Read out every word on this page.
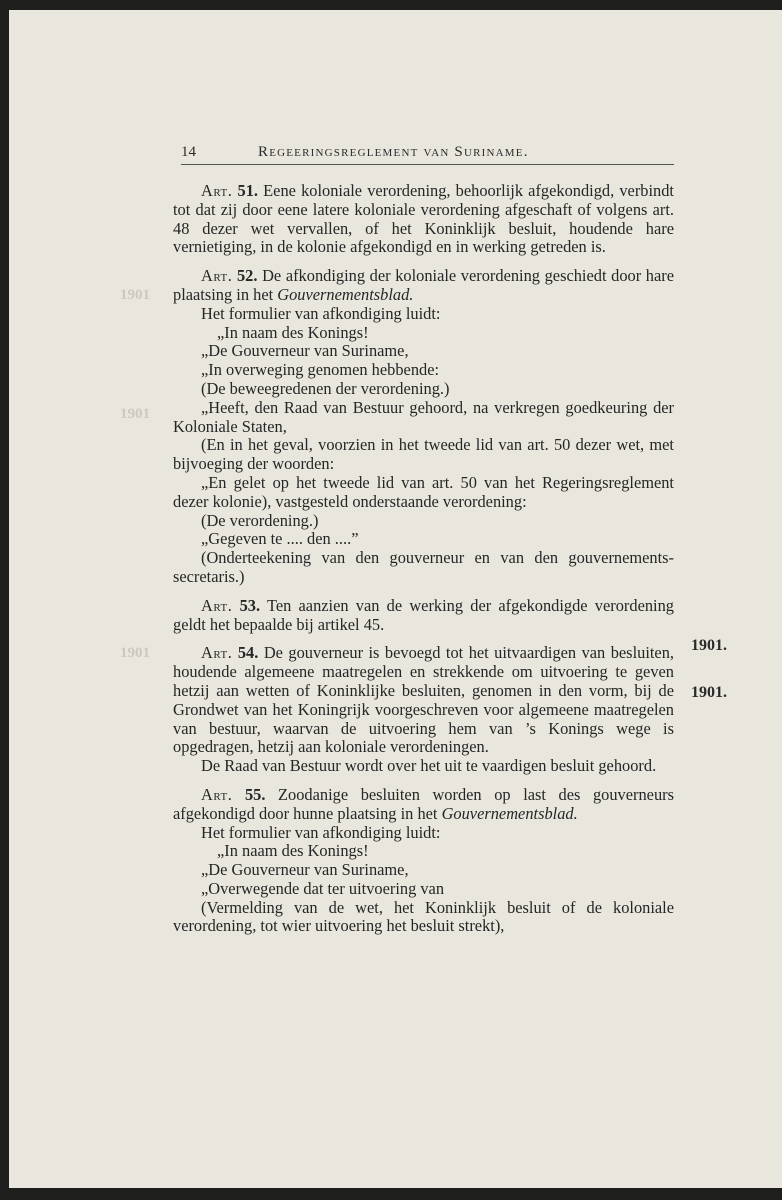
1901
1901
1901
14	Regeeringsreglement van Suriname.

Art. 51. Eene koloniale verordening, behoorlijk afgekondigd, verbindt tot dat zij door eene latere koloniale verordening afgeschaft of volgens art. 48 dezer wet vervallen, of het Koninklijk besluit, houdende hare vernietiging, in de kolonie afgekondigd en in werking getreden is.

Art. 52. De afkondiging der koloniale verordening geschiedt door hare plaatsing in het Gouvernementsblad.

Het formulier van afkondiging luidt:

„In naam des Konings!

„De Gouverneur van Suriname,

„In overweging genomen hebbende:

(De beweegredenen der verordening.)

„Heeft, den Raad van Bestuur gehoord, na verkregen goedkeuring der Koloniale Staten,

(En in het geval, voorzien in het tweede lid van art. 50 dezer wet, met bijvoeging der woorden:

„En gelet op het tweede lid van art. 50 van het Regeringsreglement dezer kolonie), vastgesteld onderstaande verordening:

(De verordening.)

„Gegeven te .... den ....”

(Onderteekening van den gouverneur en van den gouvernements-secretaris.)

Art. 53. Ten aanzien van de werking der afgekondigde verordening geldt het bepaalde bij artikel 45.

Art. 54. De gouverneur is bevoegd tot het uitvaardigen van besluiten, houdende algemeene maatregelen en strekkende om uitvoering te geven hetzij aan wetten of Koninklijke besluiten, genomen in den vorm, bij de Grondwet van het Koningrijk voorgeschreven voor algemeene maatregelen van bestuur, waarvan de uitvoering hem van ’s Konings wege is opgedragen, hetzij aan koloniale verordeningen.

De Raad van Bestuur wordt over het uit te vaardigen besluit gehoord.

Art. 55. Zoodanige besluiten worden op last des gouverneurs afgekondigd door hunne plaatsing in het Gouvernementsblad.

Het formulier van afkondiging luidt:

„In naam des Konings!

„De Gouverneur van Suriname,

„Overwegende dat ter uitvoering van

(Vermelding van de wet, het Koninklijk besluit of de koloniale verordening, tot wier uitvoering het besluit strekt),

1901.
1901.
